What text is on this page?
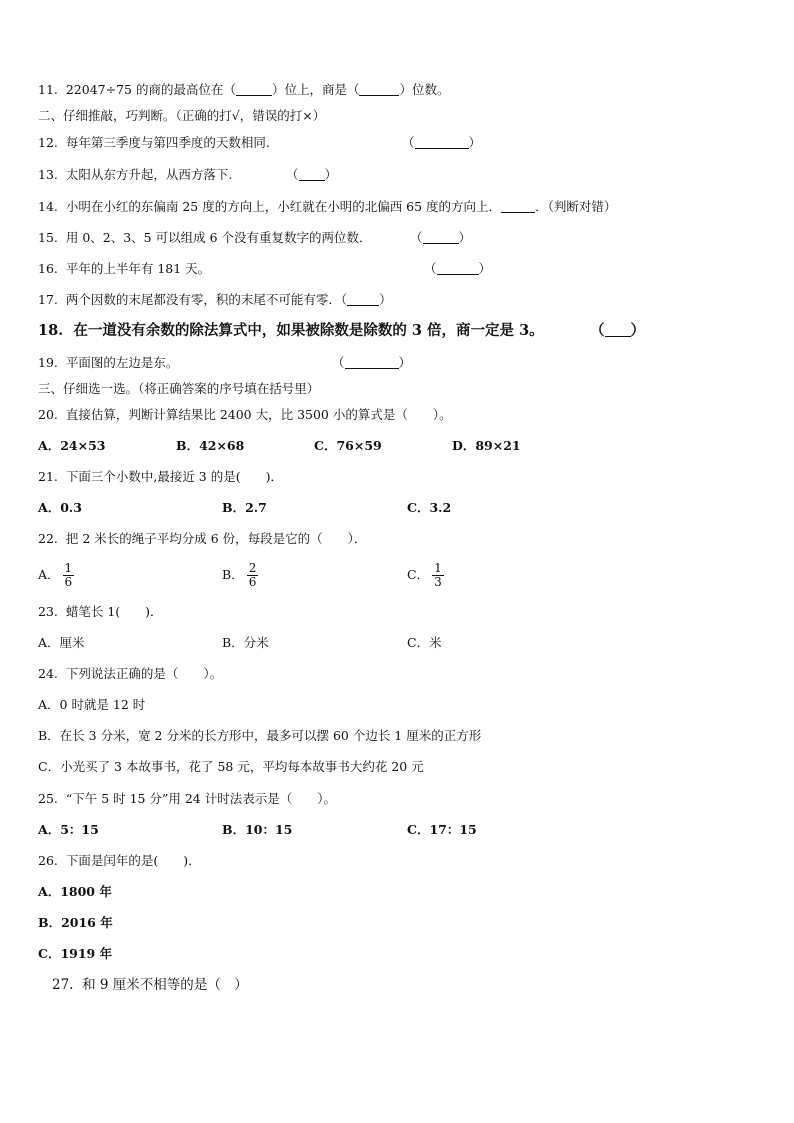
11. 22047÷75 的商的最高位在（	）位上，商是（	）位数。
二、仔细推敲，巧判断。（正确的打√，错误的打×）
12. 每年第三季度与第四季度的天数相同.	（	）
13. 太阳从东方升起，从西方落下.	（ ）
14. 小明在小红的东偏南 25 度的方向上，小红就在小明的北偏西 65 度的方向上．	．（判断对错）
15. 用 0、2、3、5 可以组成 6 个没有重复数字的两位数．	（	）
16. 平年的上半年有 181 天。	（	）
17. 两个因数的末尾都没有零，积的末尾不可能有零．（	）
18. 在一道没有余数的除法算式中，如果被除数是除数的 3 倍，商一定是 3。	（ ）
19. 平面图的左边是东。	（	）
三、仔细选一选。（将正确答案的序号填在括号里）
20. 直接估算，判断计算结果比 2400 大，比 3500 小的算式是（　　）。
A．24×53	B．42×68	C．76×59	D．89×21
21. 下面三个小数中,最接近 3 的是(　　)．
A．0.3	B．2.7	C．3.2
22. 把 2 米长的绳子平均分成 6 份，每段是它的（　　）．
A． $\frac{1}{6}$	B． $\frac{2}{6}$	C． $\frac{1}{3}$
23. 蜡笔长 1(　　)．
A．厘米	B．分米	C．米
24. 下列说法正确的是（　　）。
A．0 时就是 12 时
B．在长 3 分米，宽 2 分米的长方形中，最多可以摆 60 个边长 1 厘米的正方形
C．小光买了 3 本故事书，花了 58 元，平均每本故事书大约花 20 元
25. “下午 5 时 15 分”用 24 计时法表示是（　　）。
A．5：15	B．10：15	C．17：15
26. 下面是闰年的是(　　)．
A．1800 年
B．2016 年
C．1919 年
27. 和 9 厘米不相等的是（　）
